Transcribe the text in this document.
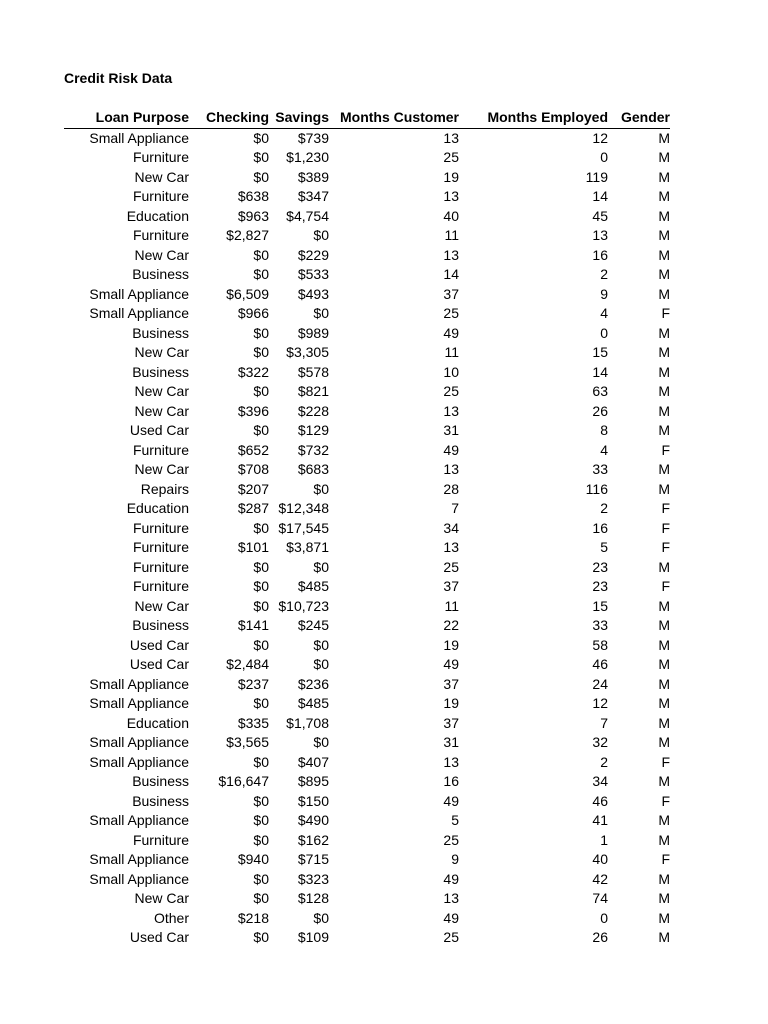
Credit Risk Data
Loan Purpose	Checking	Savings	Months Customer	Months Employed	Gender
Small Appliance	$0	$739	13	12	M
Furniture	$0	$1,230	25	0	M
New Car	$0	$389	19	119	M
Furniture	$638	$347	13	14	M
Education	$963	$4,754	40	45	M
Furniture	$2,827	$0	11	13	M
New Car	$0	$229	13	16	M
Business	$0	$533	14	2	M
Small Appliance	$6,509	$493	37	9	M
Small Appliance	$966	$0	25	4	F
Business	$0	$989	49	0	M
New Car	$0	$3,305	11	15	M
Business	$322	$578	10	14	M
New Car	$0	$821	25	63	M
New Car	$396	$228	13	26	M
Used Car	$0	$129	31	8	M
Furniture	$652	$732	49	4	F
New Car	$708	$683	13	33	M
Repairs	$207	$0	28	116	M
Education	$287	$12,348	7	2	F
Furniture	$0	$17,545	34	16	F
Furniture	$101	$3,871	13	5	F
Furniture	$0	$0	25	23	M
Furniture	$0	$485	37	23	F
New Car	$0	$10,723	11	15	M
Business	$141	$245	22	33	M
Used Car	$0	$0	19	58	M
Used Car	$2,484	$0	49	46	M
Small Appliance	$237	$236	37	24	M
Small Appliance	$0	$485	19	12	M
Education	$335	$1,708	37	7	M
Small Appliance	$3,565	$0	31	32	M
Small Appliance	$0	$407	13	2	F
Business	$16,647	$895	16	34	M
Business	$0	$150	49	46	F
Small Appliance	$0	$490	5	41	M
Furniture	$0	$162	25	1	M
Small Appliance	$940	$715	9	40	F
Small Appliance	$0	$323	49	42	M
New Car	$0	$128	13	74	M
Other	$218	$0	49	0	M
Used Car	$0	$109	25	26	M
